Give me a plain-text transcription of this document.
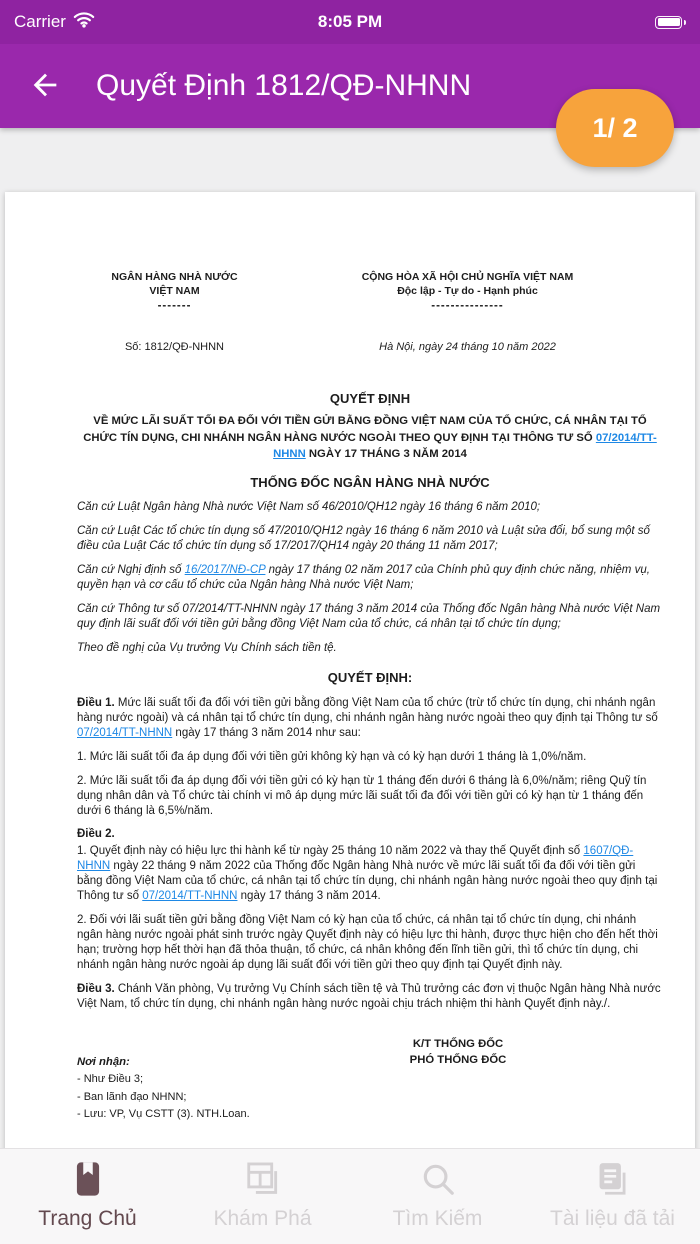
Carrier	8:05 PM
Quyết Định 1812/QĐ-NHNN
1/ 2
NGÂN HÀNG NHÀ NƯỚC
VIỆT NAM
-------
Số: 1812/QĐ-NHNN
CỘNG HÒA XÃ HỘI CHỦ NGHĨA VIỆT NAM
Độc lập - Tự do - Hạnh phúc
---------------
Hà Nội, ngày 24 tháng 10 năm 2022
QUYẾT ĐỊNH
VỀ MỨC LÃI SUẤT TỐI ĐA ĐỐI VỚI TIỀN GỬI BẰNG ĐỒNG VIỆT NAM CỦA TỔ CHỨC, CÁ NHÂN TẠI TỔ CHỨC TÍN DỤNG, CHI NHÁNH NGÂN HÀNG NƯỚC NGOÀI THEO QUY ĐỊNH TẠI THÔNG TƯ SỐ 07/2014/TT-NHNN NGÀY 17 THÁNG 3 NĂM 2014
THỐNG ĐỐC NGÂN HÀNG NHÀ NƯỚC

Căn cứ Luật Ngân hàng Nhà nước Việt Nam số 46/2010/QH12 ngày 16 tháng 6 năm 2010;

Căn cứ Luật Các tổ chức tín dụng số 47/2010/QH12 ngày 16 tháng 6 năm 2010 và Luật sửa đổi, bổ sung một số điều của Luật Các tổ chức tín dụng số 17/2017/QH14 ngày 20 tháng 11 năm 2017;

Căn cứ Nghị định số 16/2017/NĐ-CP ngày 17 tháng 02 năm 2017 của Chính phủ quy định chức năng, nhiệm vụ, quyền hạn và cơ cấu tổ chức của Ngân hàng Nhà nước Việt Nam;

Căn cứ Thông tư số 07/2014/TT-NHNN ngày 17 tháng 3 năm 2014 của Thống đốc Ngân hàng Nhà nước Việt Nam quy định lãi suất đối với tiền gửi bằng đồng Việt Nam của tổ chức, cá nhân tại tổ chức tín dụng;

Theo đề nghị của Vụ trưởng Vụ Chính sách tiền tệ.

QUYẾT ĐỊNH:

Điều 1. Mức lãi suất tối đa đối với tiền gửi bằng đồng Việt Nam của tổ chức (trừ tổ chức tín dụng, chi nhánh ngân hàng nước ngoài) và cá nhân tại tổ chức tín dụng, chi nhánh ngân hàng nước ngoài theo quy định tại Thông tư số 07/2014/TT-NHNN ngày 17 tháng 3 năm 2014 như sau:

1. Mức lãi suất tối đa áp dụng đối với tiền gửi không kỳ hạn và có kỳ hạn dưới 1 tháng là 1,0%/năm.

2. Mức lãi suất tối đa áp dụng đối với tiền gửi có kỳ hạn từ 1 tháng đến dưới 6 tháng là 6,0%/năm; riêng Quỹ tín dụng nhân dân và Tổ chức tài chính vi mô áp dụng mức lãi suất tối đa đối với tiền gửi có kỳ hạn từ 1 tháng đến dưới 6 tháng là 6,5%/năm.

Điều 2.

1. Quyết định này có hiệu lực thi hành kể từ ngày 25 tháng 10 năm 2022 và thay thế Quyết định số 1607/QĐ-NHNN ngày 22 tháng 9 năm 2022 của Thống đốc Ngân hàng Nhà nước về mức lãi suất tối đa đối với tiền gửi bằng đồng Việt Nam của tổ chức, cá nhân tại tổ chức tín dụng, chi nhánh ngân hàng nước ngoài theo quy định tại Thông tư số 07/2014/TT-NHNN ngày 17 tháng 3 năm 2014.

2. Đối với lãi suất tiền gửi bằng đồng Việt Nam có kỳ hạn của tổ chức, cá nhân tại tổ chức tín dụng, chi nhánh ngân hàng nước ngoài phát sinh trước ngày Quyết định này có hiệu lực thi hành, được thực hiện cho đến hết thời hạn; trường hợp hết thời hạn đã thỏa thuận, tổ chức, cá nhân không đến lĩnh tiền gửi, thì tổ chức tín dụng, chi nhánh ngân hàng nước ngoài áp dụng lãi suất đối với tiền gửi theo quy định tại Quyết định này.

Điều 3. Chánh Văn phòng, Vụ trưởng Vụ Chính sách tiền tệ và Thủ trưởng các đơn vị thuộc Ngân hàng Nhà nước Việt Nam, tổ chức tín dụng, chi nhánh ngân hàng nước ngoài chịu trách nhiệm thi hành Quyết định này./.

Nơi nhận:
- Như Điều 3;
- Ban lãnh đạo NHNN;
- Lưu: VP, Vụ CSTT (3). NTH.Loan.
K/T THỐNG ĐỐC
PHÓ THỐNG ĐỐC
Trang Chủ	Khám Phá	Tìm Kiếm	Tài liệu đã tải
